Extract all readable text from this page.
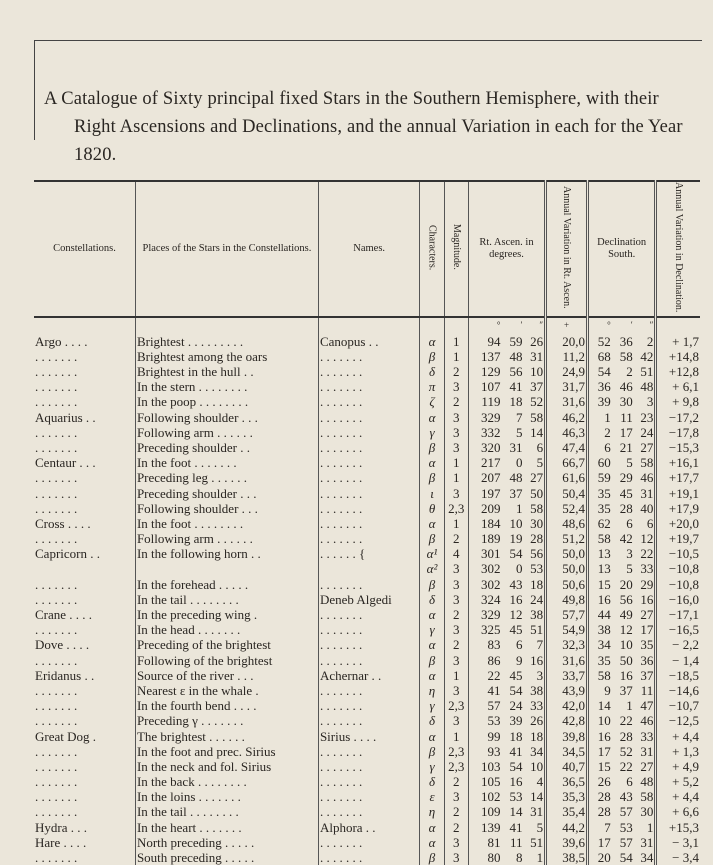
A Catalogue of Sixty principal fixed Stars in the Southern Hemisphere, with their Right Ascensions and Declinations, and the annual Variation in each for the Year 1820.
Constellations.	Places of the Stars in the Constellations.	Names.	Characters.	Magnitude.	Rt. Ascen. in degrees.			Annual Variation in Rt. Ascen.	Declination South.			Annual Variation in Declination.
					°	′	″	+	°	′	″	
Argo . . . .	Brightest . . . . . . . . .	Canopus . .	α	1	94	59	26	20,0	52	36	2	+ 1,7
. . . . . . .	Brightest among the oars	. . . . . . .	β	1	137	48	31	11,2	68	58	42	+14,8
. . . . . . .	Brightest in the hull . .	. . . . . . .	δ	2	129	56	10	24,9	54	2	51	+12,8
. . . . . . .	In the stern . . . . . . . .	. . . . . . .	π	3	107	41	37	31,7	36	46	48	+ 6,1
. . . . . . .	In the poop . . . . . . . .	. . . . . . .	ζ	2	119	18	52	31,6	39	30	3	+ 9,8
Aquarius . .	Following shoulder . . .	. . . . . . .	α	3	329	7	58	46,2	1	11	23	−17,2
. . . . . . .	Following arm . . . . . .	. . . . . . .	γ	3	332	5	14	46,3	2	17	24	−17,8
. . . . . . .	Preceding shoulder . .	. . . . . . .	β	3	320	31	6	47,4	6	21	27	−15,3
Centaur . . .	In the foot . . . . . . .	. . . . . . .	α	1	217	0	5	66,7	60	5	58	+16,1
. . . . . . .	Preceding leg . . . . . .	. . . . . . .	β	1	207	48	27	61,6	59	29	46	+17,7
. . . . . . .	Preceding shoulder . . .	. . . . . . .	ι	3	197	37	50	50,4	35	45	31	+19,1
. . . . . . .	Following shoulder . . .	. . . . . . .	θ	2,3	209	1	58	52,4	35	28	40	+17,9
Cross . . . .	In the foot . . . . . . . .	. . . . . . .	α	1	184	10	30	48,6	62	6	6	+20,0
. . . . . . .	Following arm . . . . . .	. . . . . . .	β	2	189	19	28	51,2	58	42	12	+19,7
Capricorn . .	In the following horn . .	. . . . . . {	α¹	4	301	54	56	50,0	13	3	22	−10,5
			α²	3	302	0	53	50,0	13	5	33	−10,8
. . . . . . .	In the forehead . . . . .	. . . . . . .	β	3	302	43	18	50,6	15	20	29	−10,8
. . . . . . .	In the tail . . . . . . . .	Deneb Algedi	δ	3	324	16	24	49,8	16	56	16	−16,0
Crane . . . .	In the preceding wing .	. . . . . . .	α	2	329	12	38	57,7	44	49	27	−17,1
. . . . . . .	In the head . . . . . . .	. . . . . . .	γ	3	325	45	51	54,9	38	12	17	−16,5
Dove . . . .	Preceding of the brightest	. . . . . . .	α	2	83	6	7	32,3	34	10	35	− 2,2
. . . . . . .	Following of the brightest	. . . . . . .	β	3	86	9	16	31,6	35	50	36	− 1,4
Eridanus . .	Source of the river . . .	Achernar . .	α	1	22	45	3	33,7	58	16	37	−18,5
. . . . . . .	Nearest ε in the whale .	. . . . . . .	η	3	41	54	38	43,9	9	37	11	−14,6
. . . . . . .	In the fourth bend . . . .	. . . . . . .	γ	2,3	57	24	33	42,0	14	1	47	−10,7
. . . . . . .	Preceding γ . . . . . . .	. . . . . . .	δ	3	53	39	26	42,8	10	22	46	−12,5
Great Dog .	The brightest . . . . . .	Sirius . . . .	α	1	99	18	18	39,8	16	28	33	+ 4,4
. . . . . . .	In the foot and prec. Sirius	. . . . . . .	β	2,3	93	41	34	34,5	17	52	31	+ 1,3
. . . . . . .	In the neck and fol. Sirius	. . . . . . .	γ	2,3	103	54	10	40,7	15	22	27	+ 4,9
. . . . . . .	In the back . . . . . . . .	. . . . . . .	δ	2	105	16	4	36,5	26	6	48	+ 5,2
. . . . . . .	In the loins . . . . . . .	. . . . . . .	ε	3	102	53	14	35,3	28	43	58	+ 4,4
. . . . . . .	In the tail . . . . . . . .	. . . . . . .	η	2	109	14	31	35,4	28	57	30	+ 6,6
Hydra . . .	In the heart . . . . . . .	Alphora . .	α	2	139	41	5	44,2	7	53	1	+15,3
Hare . . . .	North preceding . . . . .	. . . . . . .	α	3	81	11	51	39,6	17	57	31	− 3,1
. . . . . . .	South preceding . . . . .	. . . . . . .	β	3	80	8	1	38,5	20	54	34	− 3,4
